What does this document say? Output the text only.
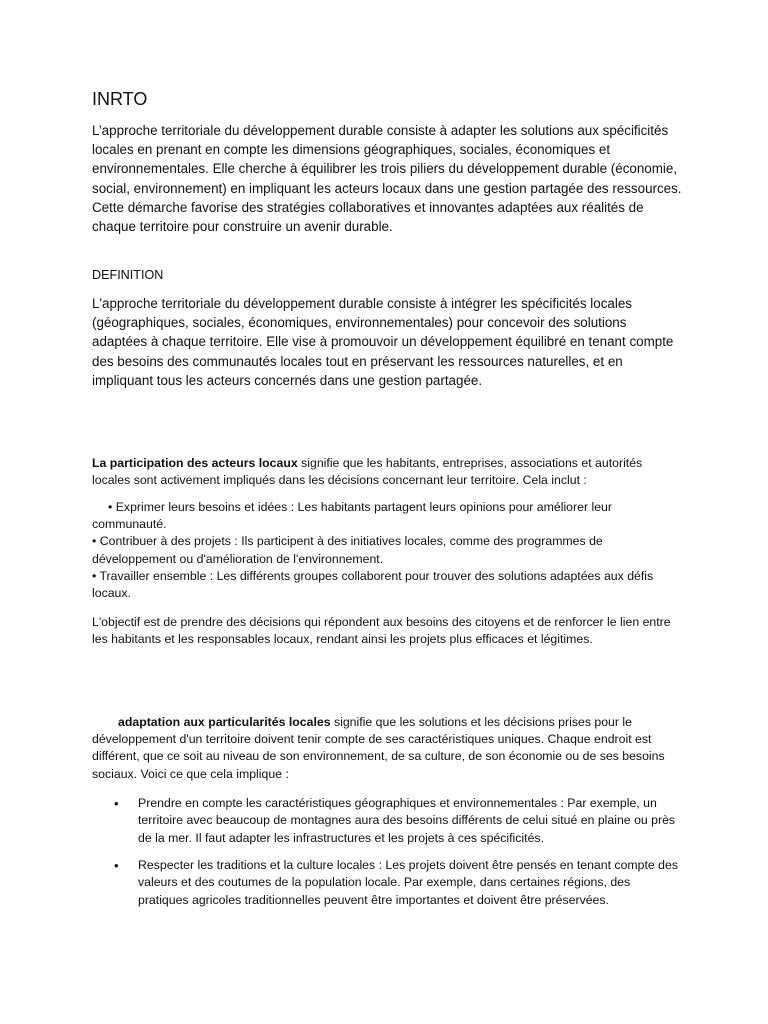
INRTO

L’approche territoriale du développement durable consiste à adapter les solutions aux spécificités locales en prenant en compte les dimensions géographiques, sociales, économiques et environnementales. Elle cherche à équilibrer les trois piliers du développement durable (économie, social, environnement) en impliquant les acteurs locaux dans une gestion partagée des ressources. Cette démarche favorise des stratégies collaboratives et innovantes adaptées aux réalités de chaque territoire pour construire un avenir durable.

DEFINITION

L'approche territoriale du développement durable consiste à intégrer les spécificités locales (géographiques, sociales, économiques, environnementales) pour concevoir des solutions adaptées à chaque territoire. Elle vise à promouvoir un développement équilibré en tenant compte des besoins des communautés locales tout en préservant les ressources naturelles, et en impliquant tous les acteurs concernés dans une gestion partagée.

La participation des acteurs locaux signifie que les habitants, entreprises, associations et autorités locales sont activement impliqués dans les décisions concernant leur territoire. Cela inclut :

• Exprimer leurs besoins et idées : Les habitants partagent leurs opinions pour améliorer leur communauté.
• Contribuer à des projets : Ils participent à des initiatives locales, comme des programmes de développement ou d'amélioration de l'environnement.
• Travailler ensemble : Les différents groupes collaborent pour trouver des solutions adaptées aux défis locaux.

L'objectif est de prendre des décisions qui répondent aux besoins des citoyens et de renforcer le lien entre les habitants et les responsables locaux, rendant ainsi les projets plus efficaces et légitimes.

adaptation aux particularités locales signifie que les solutions et les décisions prises pour le développement d'un territoire doivent tenir compte de ses caractéristiques uniques. Chaque endroit est différent, que ce soit au niveau de son environnement, de sa culture, de son économie ou de ses besoins sociaux. Voici ce que cela implique :

• Prendre en compte les caractéristiques géographiques et environnementales : Par exemple, un territoire avec beaucoup de montagnes aura des besoins différents de celui situé en plaine ou près de la mer. Il faut adapter les infrastructures et les projets à ces spécificités.
• Respecter les traditions et la culture locales : Les projets doivent être pensés en tenant compte des valeurs et des coutumes de la population locale. Par exemple, dans certaines régions, des pratiques agricoles traditionnelles peuvent être importantes et doivent être préservées.
